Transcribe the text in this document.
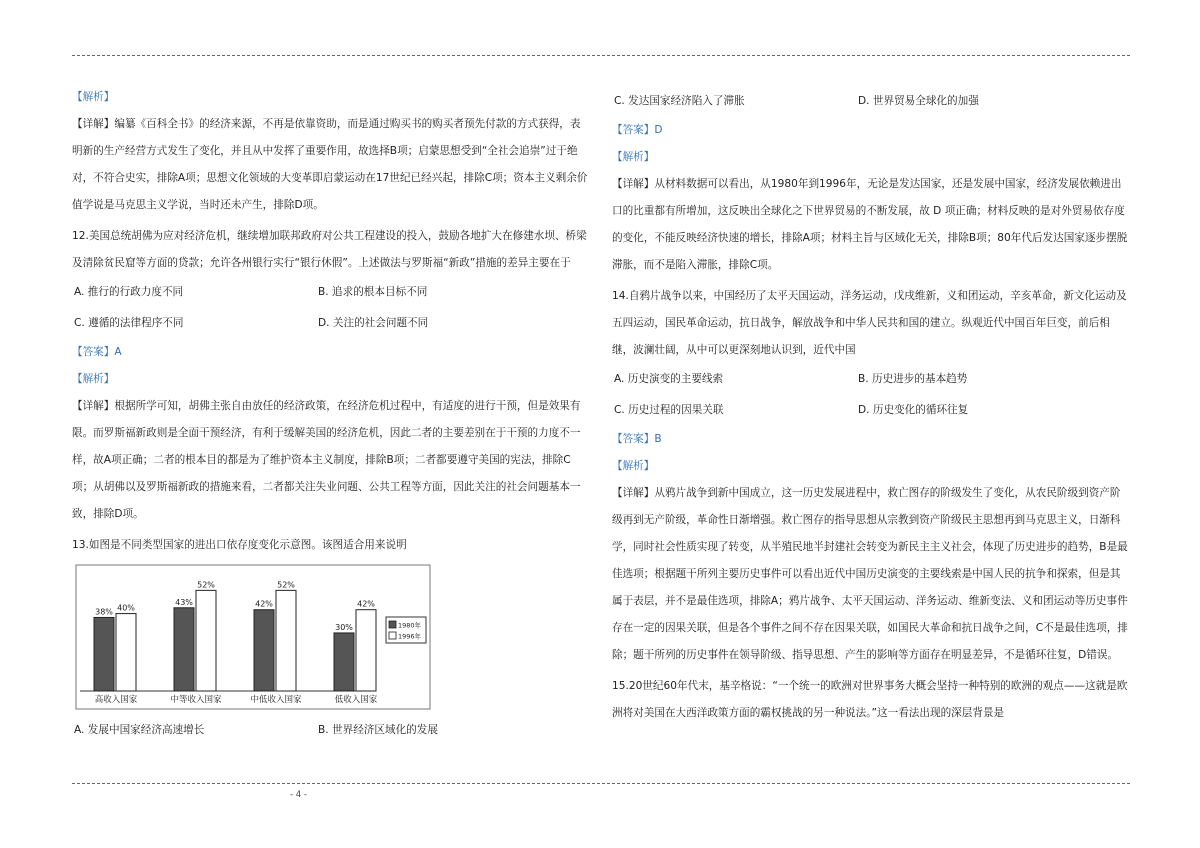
【解析】

【详解】编纂《百科全书》的经济来源，不再是依靠资助，而是通过购买书的购买者预先付款的方式获得，表明新的生产经营方式发生了变化，并且从中发挥了重要作用，故选择B项；启蒙思想受到“全社会追崇”过于绝对，不符合史实，排除A项；思想文化领域的大变革即启蒙运动在17世纪已经兴起，排除C项；资本主义剩余价值学说是马克思主义学说，当时还未产生，排除D项。

12.美国总统胡佛为应对经济危机，继续增加联邦政府对公共工程建设的投入，鼓励各地扩大在修建水坝、桥梁及清除贫民窟等方面的贷款；允许各州银行实行“银行休假”。上述做法与罗斯福“新政”措施的差异主要在于

A. 推行的行政力度不同	B. 追求的根本目标不同
C. 遵循的法律程序不同	D. 关注的社会问题不同

【答案】A

【解析】

【详解】根据所学可知，胡佛主张自由放任的经济政策，在经济危机过程中，有适度的进行干预，但是效果有限。而罗斯福新政则是全面干预经济，有利于缓解美国的经济危机，因此二者的主要差别在于干预的力度不一样，故A项正确；二者的根本目的都是为了维护资本主义制度，排除B项；二者都要遵守美国的宪法，排除C项；从胡佛以及罗斯福新政的措施来看，二者都关注失业问题、公共工程等方面，因此关注的社会问题基本一致，排除D项。

13.如图是不同类型国家的进出口依存度变化示意图。该图适合用来说明

38% 40%
高收入国家
43%
52%
中等收入国家
42%
52%
中低收入国家
30%
42%
低收入国家
1980年
1996年
A. 发展中国家经济高速增长	B. 世界经济区域化的发展
C. 发达国家经济陷入了滞胀	D. 世界贸易全球化的加强

【答案】D

【解析】

【详解】从材料数据可以看出，从1980年到1996年，无论是发达国家，还是发展中国家，经济发展依赖进出口的比重都有所增加，这反映出全球化之下世界贸易的不断发展，故 D 项正确；材料反映的是对外贸易依存度的变化，不能反映经济快速的增长，排除A项；材料主旨与区域化无关，排除B项；80年代后发达国家逐步摆脱滞胀，而不是陷入滞胀，排除C项。

14.自鸦片战争以来，中国经历了太平天国运动，洋务运动，戊戌维新，义和团运动，辛亥革命，新文化运动及五四运动，国民革命运动，抗日战争，解放战争和中华人民共和国的建立。纵观近代中国百年巨变，前后相继，波澜壮阔，从中可以更深刻地认识到，近代中国

A. 历史演变的主要线索	B. 历史进步的基本趋势
C. 历史过程的因果关联	D. 历史变化的循环往复

【答案】B

【解析】

【详解】从鸦片战争到新中国成立，这一历史发展进程中，救亡图存的阶级发生了变化，从农民阶级到资产阶级再到无产阶级，革命性日渐增强。救亡图存的指导思想从宗教到资产阶级民主思想再到马克思主义，日渐科学，同时社会性质实现了转变，从半殖民地半封建社会转变为新民主主义社会，体现了历史进步的趋势，B是最佳选项；根据题干所列主要历史事件可以看出近代中国历史演变的主要线索是中国人民的抗争和探索，但是其属于表层，并不是最佳选项，排除A；鸦片战争、太平天国运动、洋务运动、维新变法、义和团运动等历史事件存在一定的因果关联，但是各个事件之间不存在因果关联，如国民大革命和抗日战争之间，C不是最佳选项，排除；题干所列的历史事件在领导阶级、指导思想、产生的影响等方面存在明显差异，不是循环往复，D错误。

15.20世纪60年代末，基辛格说：“一个统一的欧洲对世界事务大概会坚持一种特别的欧洲的观点——这就是欧洲将对美国在大西洋政策方面的霸权挑战的另一种说法。”这一看法出现的深层背景是

- 4 -
